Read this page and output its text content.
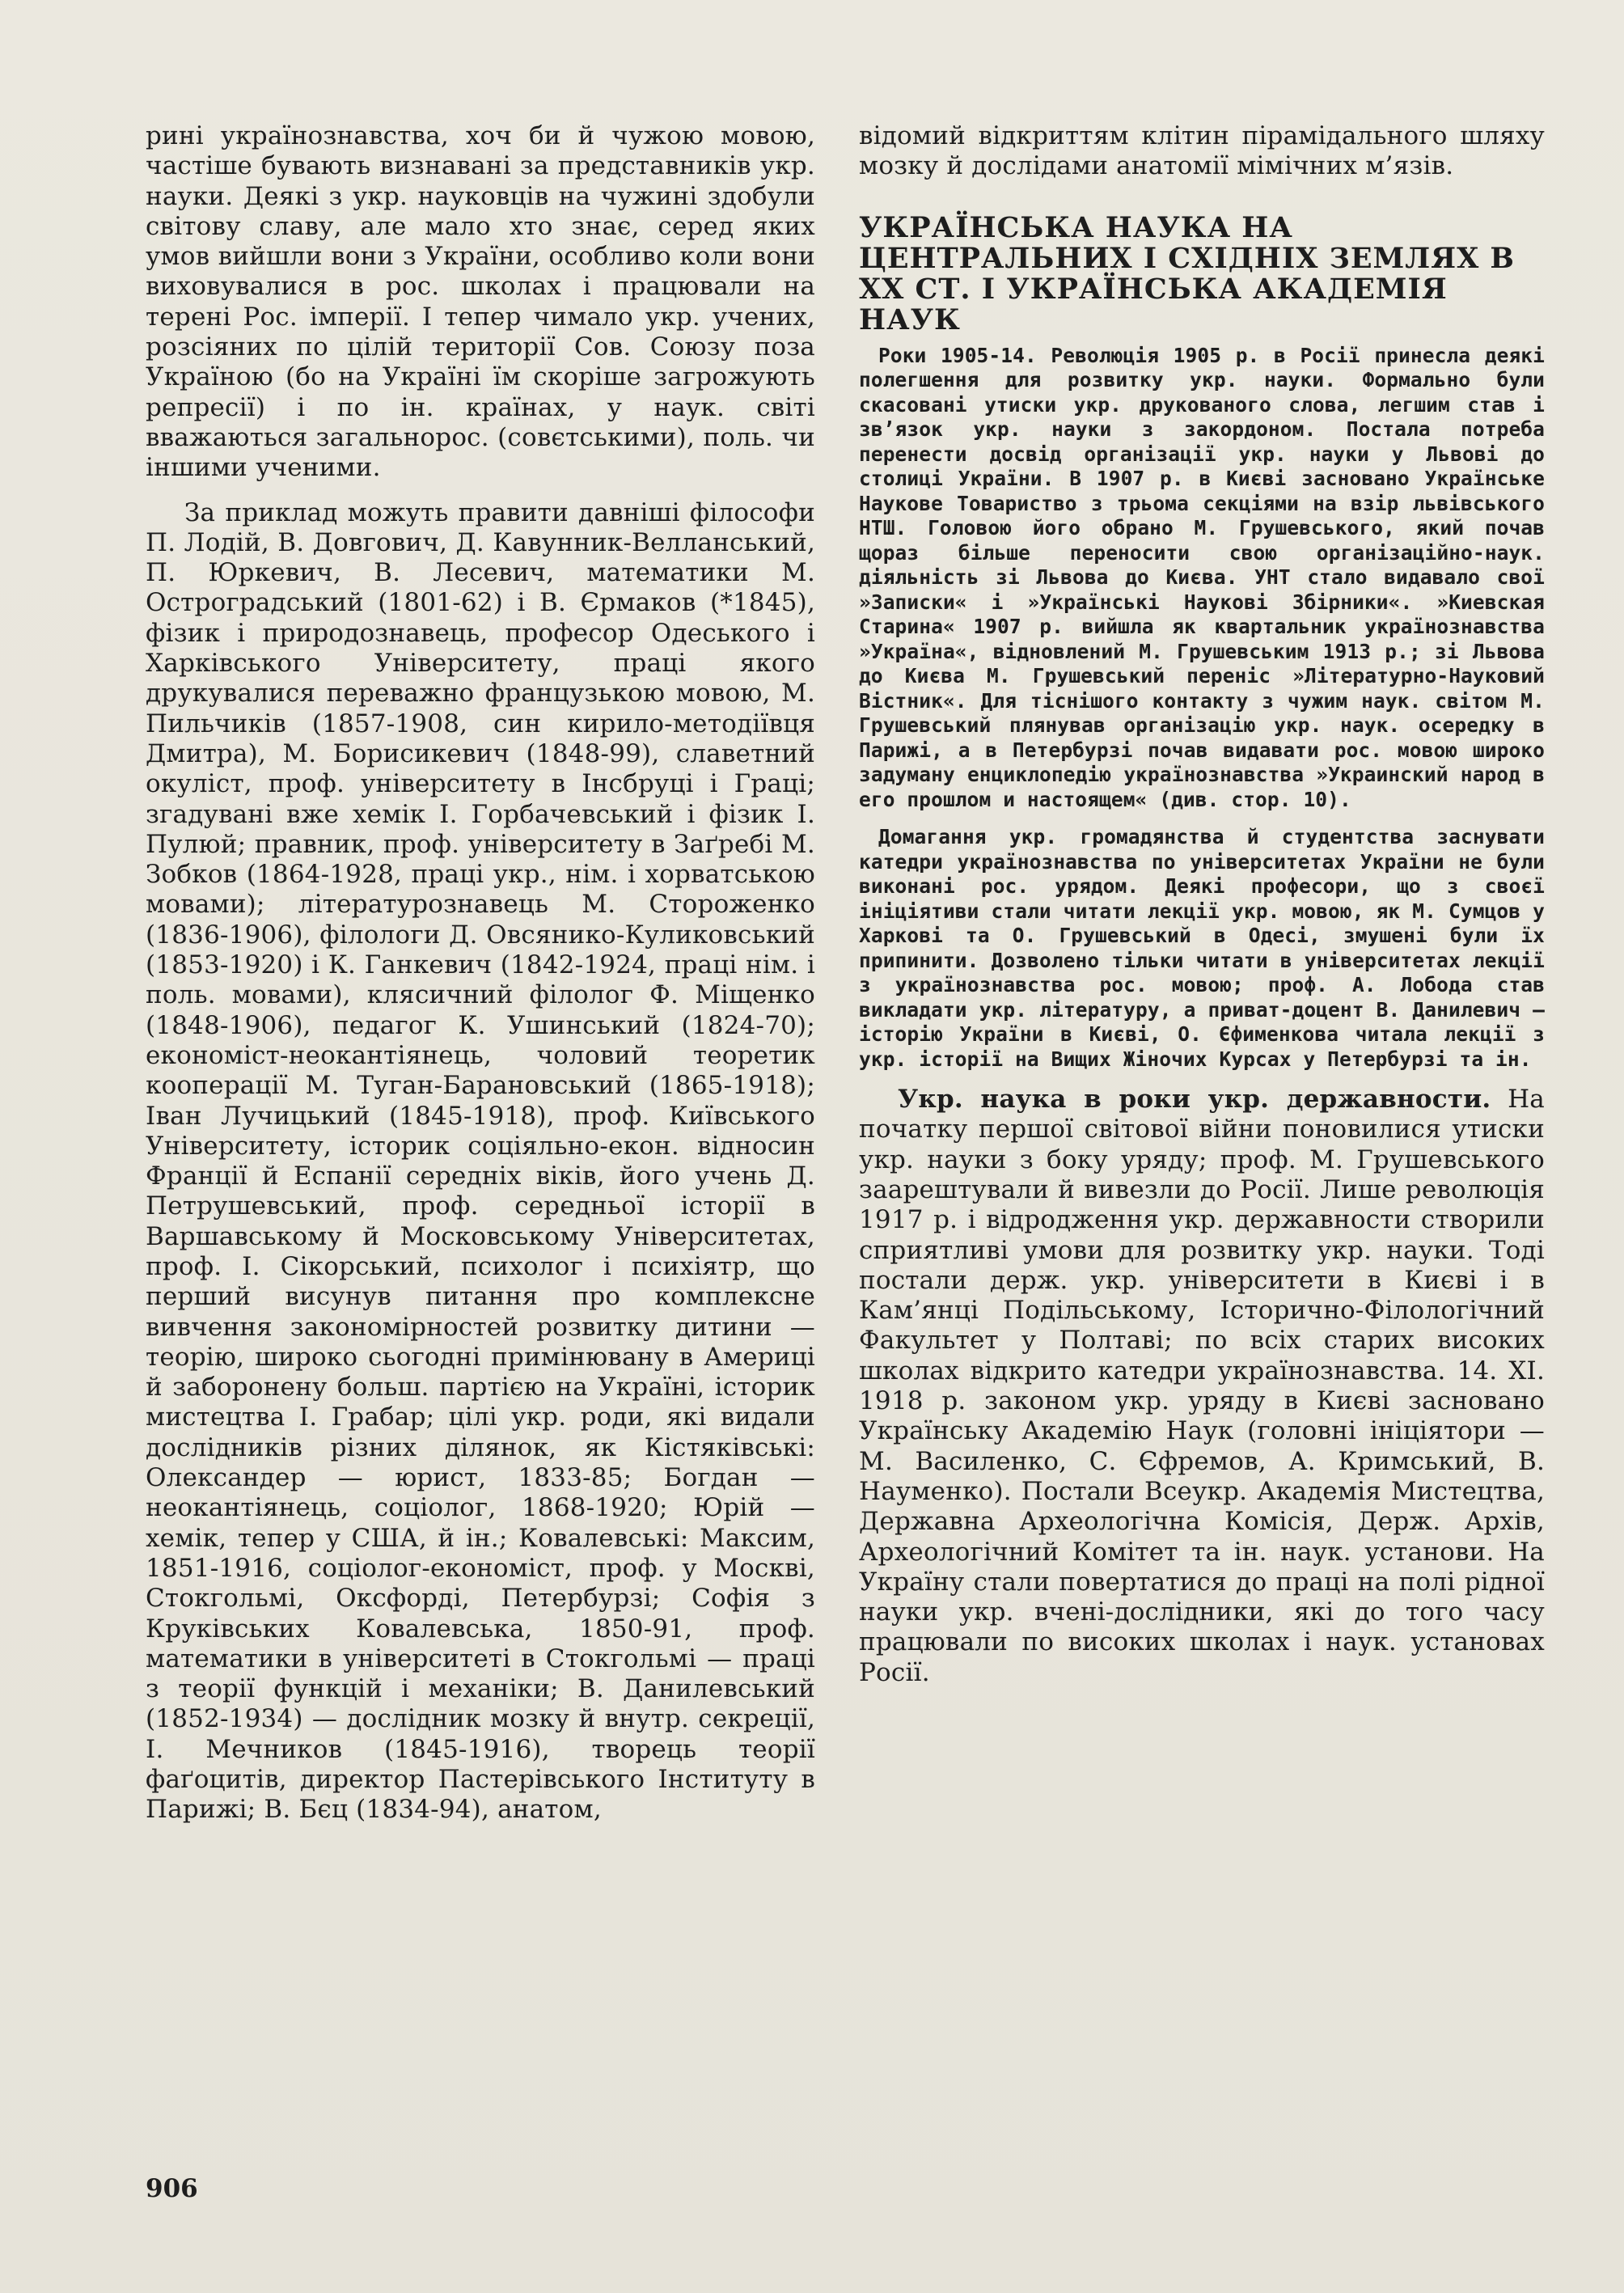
рині українознавства, хоч би й чужою мовою, частіше бувають визнавані за представників укр. науки. Деякі з укр. науковців на чужині здобули світову славу, але мало хто знає, серед яких умов вийшли вони з України, особливо коли вони виховувалися в рос. школах і працювали на терені Рос. імперії. І тепер чимало укр. учених, розсіяних по цілій території Сов. Союзу поза Україною (бо на Україні їм скоріше загрожують репресії) і по ін. країнах, у наук. світі вважаються загальнорос. (совєтськими), поль. чи іншими ученими.

За приклад можуть правити давніші філософи П. Лодій, В. Довгович, Д. Кавунник-Велланський, П. Юркевич, В. Лесевич, математики М. Остроградський (1801-62) і В. Єрмаков (*1845), фізик і природознавець, професор Одеського і Харківського Університету, праці якого друкувалися переважно французькою мовою, М. Пильчиків (1857-1908, син кирило-методіївця Дмитра), М. Борисикевич (1848-99), славетний окуліст, проф. університету в Інсбруці і Граці; згадувані вже хемік І. Горбачевський і фізик І. Пулюй; правник, проф. університету в Заґребі М. Зобков (1864-1928, праці укр., нім. і хорватською мовами); літературознавець М. Стороженко (1836-1906), філологи Д. Овсянико-Куликовський (1853-1920) і К. Ганкевич (1842-1924, праці нім. і поль. мовами), клясичний філолог Ф. Міщенко (1848-1906), педагог К. Ушинський (1824-70); економіст-неокантіянець, чоловий теоретик кооперації М. Туган-Барановський (1865-1918); Іван Лучицький (1845-1918), проф. Київського Університету, історик соціяльно-екон. відносин Франції й Еспанії середніх віків, його учень Д. Петрушевський, проф. середньої історії в Варшавському й Московському Університетах, проф. І. Сікорський, психолог і психіятр, що перший висунув питання про комплексне вивчення закономірностей розвитку дитини — теорію, широко сьогодні примінювану в Америці й заборонену больш. партією на Україні, історик мистецтва І. Грабар; цілі укр. роди, які видали дослідників різних ділянок, як Кістяківські: Олександер — юрист, 1833-85; Богдан — неокантіянець, соціолог, 1868-1920; Юрій — хемік, тепер у США, й ін.; Ковалевські: Максим, 1851-1916, соціолог-економіст, проф. у Москві, Стокгольмі, Оксфорді, Петербурзі; Софія з Круківських Ковалевська, 1850-91, проф. математики в університеті в Стокгольмі — праці з теорії функцій і механіки; В. Данилевський (1852-1934) — дослідник мозку й внутр. секреції, І. Мечников (1845-1916), творець теорії фаґоцитів, директор Пастерівського Інституту в Парижі; В. Бєц (1834-94), анатом,

відомий відкриттям клітин пірамідального шляху мозку й дослідами анатомії мімічних м’язів.

УКРАЇНСЬКА НАУКА НА ЦЕНТРАЛЬНИХ І СХІДНІХ ЗЕМЛЯХ В XX СТ. І УКРАЇНСЬКА АКАДЕМІЯ НАУК

Роки 1905-14. Революція 1905 р. в Росії принесла деякі полегшення для розвитку укр. науки. Формально були скасовані утиски укр. друкованого слова, легшим став і зв’язок укр. науки з закордоном. Постала потреба перенести досвід організації укр. науки у Львові до столиці України. В 1907 р. в Києві засновано Українське Наукове Товариство з трьома секціями на взір львівського НТШ. Головою його обрано М. Грушевського, який почав щораз більше переносити свою організаційно-наук. діяльність зі Львова до Києва. УНТ стало видавало свої »Записки« і »Українські Наукові Збірники«. »Киевская Старина« 1907 р. вийшла як квартальник українознавства »Україна«, відновлений М. Грушевським 1913 р.; зі Львова до Києва М. Грушевський переніс »Літературно-Науковий Вістник«. Для тіснішого контакту з чужим наук. світом М. Грушевський плянував організацію укр. наук. осередку в Парижі, а в Петербурзі почав видавати рос. мовою широко задуману енциклопедію українознавства »Украинский народ в его прошлом и настоящем« (див. стор. 10).

Домагання укр. громадянства й студентства заснувати катедри українознавства по університетах України не були виконані рос. урядом. Деякі професори, що з своєї ініціятиви стали читати лекції укр. мовою, як М. Сумцов у Харкові та О. Грушевський в Одесі, змушені були їх припинити. Дозволено тільки читати в університетах лекції з українознавства рос. мовою; проф. А. Лобода став викладати укр. літературу, а приват-доцент В. Данилевич — історію України в Києві, О. Єфименкова читала лекції з укр. історії на Вищих Жіночих Курсах у Петербурзі та ін.

Укр. наука в роки укр. державности. На початку першої світової війни поновилися утиски укр. науки з боку уряду; проф. М. Грушевського заарештували й вивезли до Росії. Лише революція 1917 р. і відродження укр. державности створили сприятливі умови для розвитку укр. науки. Тоді постали держ. укр. університети в Києві і в Кам’янці Подільському, Історично-Філологічний Факультет у Полтаві; по всіх старих високих школах відкрито катедри українознавства. 14. XI. 1918 р. законом укр. уряду в Києві засновано Українську Академію Наук (головні ініціятори — М. Василенко, С. Єфремов, А. Кримський, В. Науменко). Постали Всеукр. Академія Мистецтва, Державна Археологічна Комісія, Держ. Архів, Археологічний Комітет та ін. наук. установи. На Україну стали повертатися до праці на полі рідної науки укр. вчені-дослідники, які до того часу працювали по високих школах і наук. установах Росії.

906
